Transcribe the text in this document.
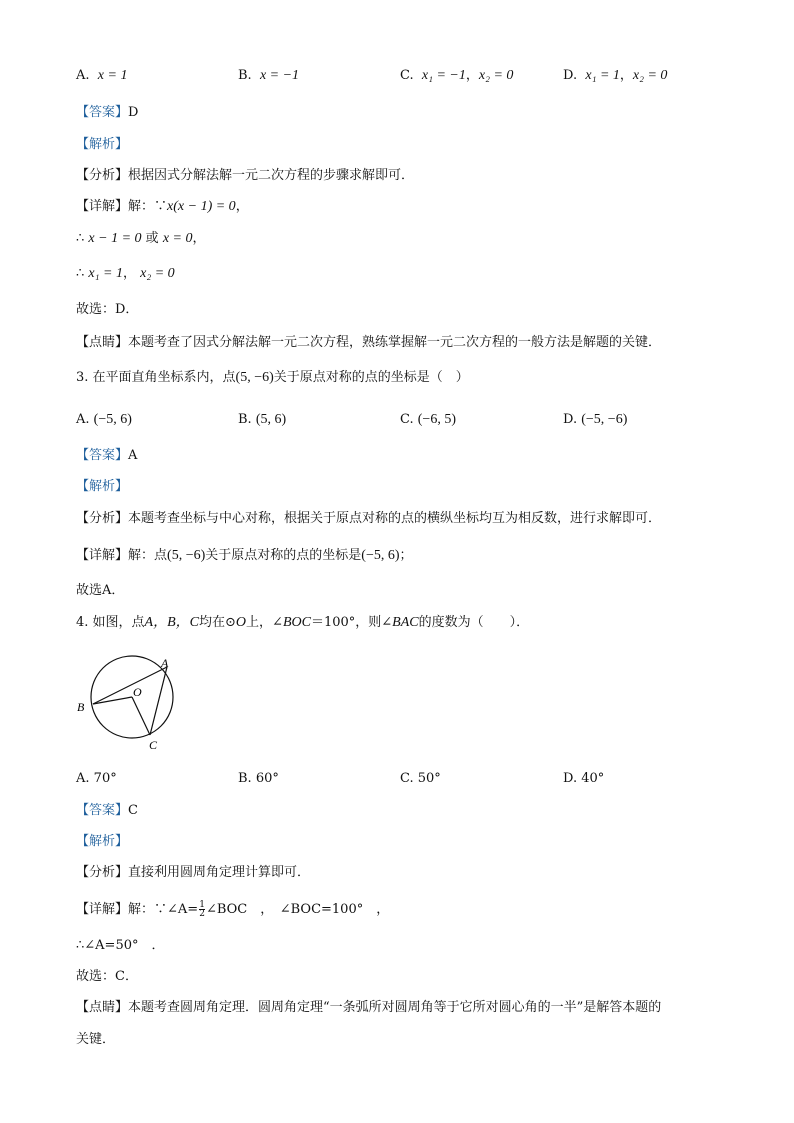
A. x = 1	B. x = −1	C. x₁ = −1，x₂ = 0	D. x₁ = 1，x₂ = 0
【答案】D
【解析】
【分析】根据因式分解法解一元二次方程的步骤求解即可．
【详解】解：∵x(x − 1) = 0，
∴ x − 1 = 0 或 x = 0，
∴ x₁ = 1， x₂ = 0
故选：D．
【点睛】本题考查了因式分解法解一元二次方程，熟练掌握解一元二次方程的一般方法是解题的关键．
3. 在平面直角坐标系内，点(5, −6)关于原点对称的点的坐标是（　）
A. (−5, 6)	B. (5, 6)	C. (−6, 5)	D. (−5, −6)
【答案】A
【解析】
【分析】本题考查坐标与中心对称，根据关于原点对称的点的横纵坐标均互为相反数，进行求解即可．
【详解】解：点(5, −6)关于原点对称的点的坐标是(−5, 6)；
故选A．
4. 如图，点A，B，C均在⊙O上，∠BOC＝100°，则∠BAC的度数为（　　）．
A
O
B
C
A. 70°	B. 60°	C. 50°	D. 40°
【答案】C
【解析】
【分析】直接利用圆周角定理计算即可．
【详解】解：∵∠A= $\frac{1}{2}$ ∠BOC　，　∠BOC=100°　，
∴∠A=50°　．
故选：C．
【点睛】本题考查圆周角定理．圆周角定理“一条弧所对圆周角等于它所对圆心角的一半”是解答本题的
关键．
